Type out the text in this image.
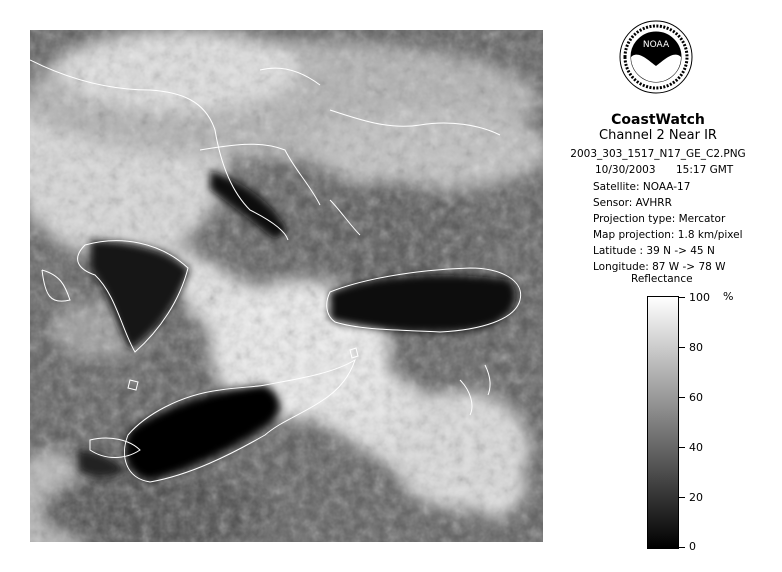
NOAA
CoastWatch
Channel 2 Near IR
2003_303_1517_N17_GE_C2.PNG
10/30/2003 15:17 GMT
Satellite: NOAA-17
Sensor: AVHRR
Projection type: Mercator
Map projection: 1.8 km/pixel
Latitude : 39 N -> 45 N
Longitude: 87 W -> 78 W
Reflectance
%
100
80
60
40
20
0
